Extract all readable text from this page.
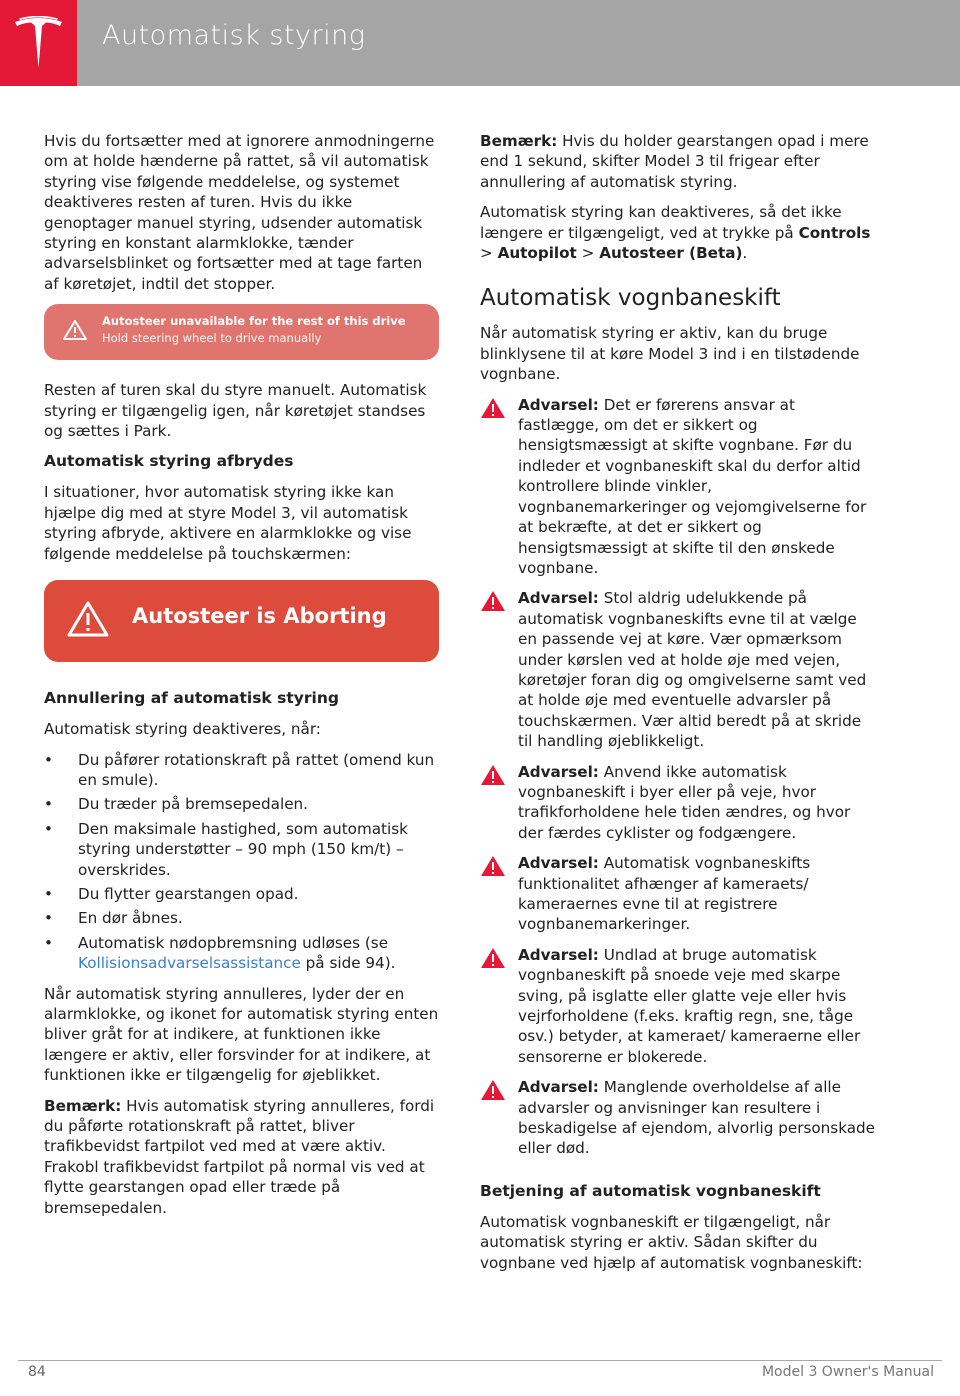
Automatisk styring

Hvis du fortsætter med at ignorere anmodningerne om at holde hænderne på rattet, så vil automatisk styring vise følgende meddelelse, og systemet deaktiveres resten af turen. Hvis du ikke genoptager manuel styring, udsender automatisk styring en konstant alarmklokke, tænder advarselsblinket og fortsætter med at tage farten af køretøjet, indtil det stopper.

Autosteer unavailable for the rest of this drive
Hold steering wheel to drive manually

Resten af turen skal du styre manuelt. Automatisk styring er tilgængelig igen, når køretøjet standses og sættes i Park.

Automatisk styring afbrydes

I situationer, hvor automatisk styring ikke kan hjælpe dig med at styre Model 3, vil automatisk styring afbryde, aktivere en alarmklokke og vise følgende meddelelse på touchskærmen:

Autosteer is Aborting
Annullering af automatisk styring

Automatisk styring deaktiveres, når:

• Du påfører rotationskraft på rattet (omend kun en smule).
• Du træder på bremsepedalen.
• Den maksimale hastighed, som automatisk styring understøtter – 90 mph (150 km/t) – overskrides.
• Du flytter gearstangen opad.
• En dør åbnes.
• Automatisk nødopbremsning udløses (se Kollisionsadvarselsassistance på side 94).

Når automatisk styring annulleres, lyder der en alarmklokke, og ikonet for automatisk styring enten bliver gråt for at indikere, at funktionen ikke længere er aktiv, eller forsvinder for at indikere, at funktionen ikke er tilgængelig for øjeblikket.

Bemærk: Hvis automatisk styring annulleres, fordi du påførte rotationskraft på rattet, bliver trafikbevidst fartpilot ved med at være aktiv. Frakobl trafikbevidst fartpilot på normal vis ved at flytte gearstangen opad eller træde på bremsepedalen.

Bemærk: Hvis du holder gearstangen opad i mere end 1 sekund, skifter Model 3 til frigear efter annullering af automatisk styring.

Automatisk styring kan deaktiveres, så det ikke længere er tilgængeligt, ved at trykke på Controls > Autopilot > Autosteer (Beta).

Automatisk vognbaneskift

Når automatisk styring er aktiv, kan du bruge blinklysene til at køre Model 3 ind i en tilstødende vognbane.

Advarsel: Det er førerens ansvar at fastlægge, om det er sikkert og hensigtsmæssigt at skifte vognbane. Før du indleder et vognbaneskift skal du derfor altid kontrollere blinde vinkler, vognbanemarkeringer og vejomgivelserne for at bekræfte, at det er sikkert og hensigtsmæssigt at skifte til den ønskede vognbane.

Advarsel: Stol aldrig udelukkende på automatisk vognbaneskifts evne til at vælge en passende vej at køre. Vær opmærksom under kørslen ved at holde øje med vejen, køretøjer foran dig og omgivelserne samt ved at holde øje med eventuelle advarsler på touchskærmen. Vær altid beredt på at skride til handling øjeblikkeligt.

Advarsel: Anvend ikke automatisk vognbaneskift i byer eller på veje, hvor trafikforholdene hele tiden ændres, og hvor der færdes cyklister og fodgængere.

Advarsel: Automatisk vognbaneskifts funktionalitet afhænger af kameraets/ kameraernes evne til at registrere vognbanemarkeringer.

Advarsel: Undlad at bruge automatisk vognbaneskift på snoede veje med skarpe sving, på isglatte eller glatte veje eller hvis vejrforholdene (f.eks. kraftig regn, sne, tåge osv.) betyder, at kameraet/ kameraerne eller sensorerne er blokerede.

Advarsel: Manglende overholdelse af alle advarsler og anvisninger kan resultere i beskadigelse af ejendom, alvorlig personskade eller død.

Betjening af automatisk vognbaneskift

Automatisk vognbaneskift er tilgængeligt, når automatisk styring er aktiv. Sådan skifter du vognbane ved hjælp af automatisk vognbaneskift:

84	Model 3 Owner's Manual
